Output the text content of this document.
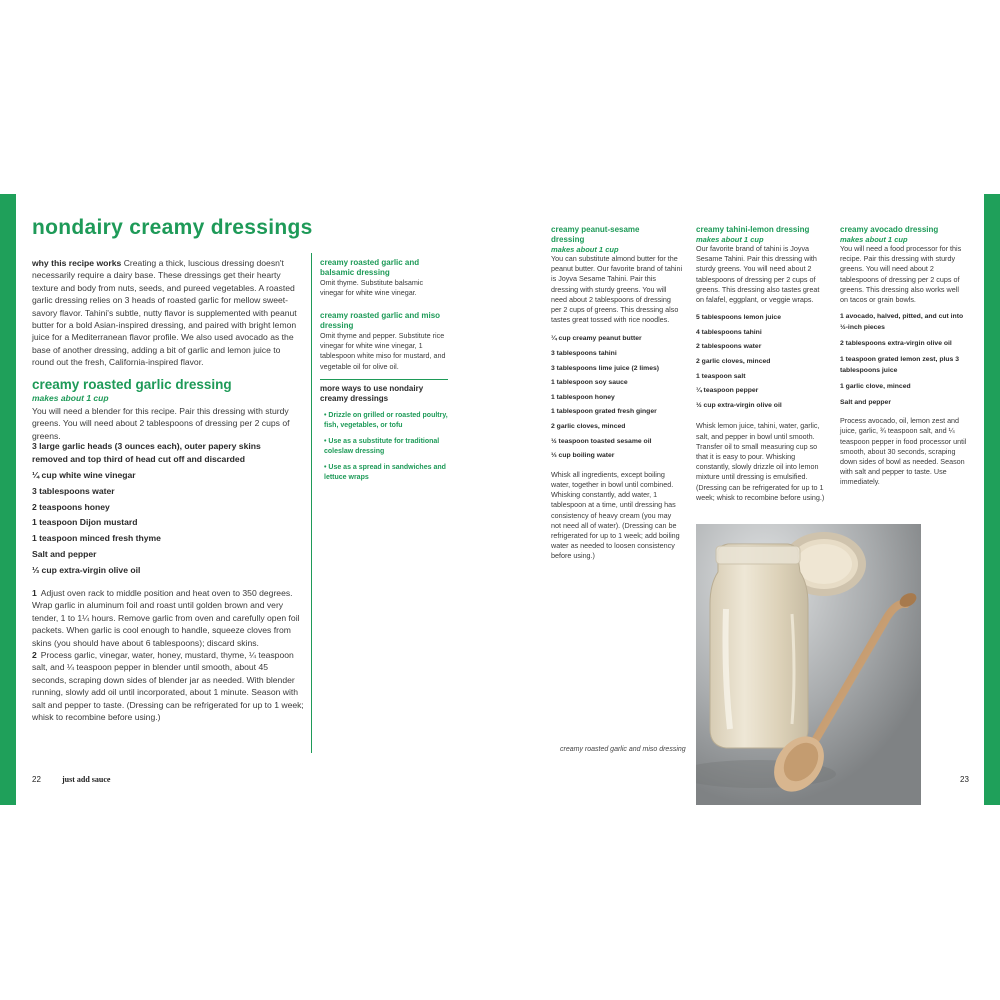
nondairy creamy dressings
why this recipe works Creating a thick, luscious dressing doesn't necessarily require a dairy base. These dressings get their hearty texture and body from nuts, seeds, and pureed vegetables. A roasted garlic dressing relies on 3 heads of roasted garlic for mellow sweet-savory flavor. Tahini's subtle, nutty flavor is supplemented with peanut butter for a bold Asian-inspired dressing, and paired with bright lemon juice for a Mediterranean flavor profile. We also used avocado as the base of another dressing, adding a bit of garlic and lemon juice to round out the fresh, California-inspired flavor.
creamy roasted garlic dressing
makes about 1 cup
You will need a blender for this recipe. Pair this dressing with sturdy greens. You will need about 2 tablespoons of dressing per 2 cups of greens.
3 large garlic heads (3 ounces each), outer papery skins removed and top third of head cut off and discarded
¼ cup white wine vinegar
3 tablespoons water
2 teaspoons honey
1 teaspoon Dijon mustard
1 teaspoon minced fresh thyme
Salt and pepper
⅓ cup extra-virgin olive oil
1 Adjust oven rack to middle position and heat oven to 350 degrees. Wrap garlic in aluminum foil and roast until golden brown and very tender, 1 to 1¼ hours. Remove garlic from oven and carefully open foil packets. When garlic is cool enough to handle, squeeze cloves from skins (you should have about 6 tablespoons); discard skins.
2 Process garlic, vinegar, water, honey, mustard, thyme, ¼ teaspoon salt, and ¼ teaspoon pepper in blender until smooth, about 45 seconds, scraping down sides of blender jar as needed. With blender running, slowly add oil until incorporated, about 1 minute. Season with salt and pepper to taste. (Dressing can be refrigerated for up to 1 week; whisk to recombine before using.)
creamy roasted garlic and balsamic dressing
Omit thyme. Substitute balsamic vinegar for white wine vinegar.
creamy roasted garlic and miso dressing
Omit thyme and pepper. Substitute rice vinegar for white wine vinegar, 1 tablespoon white miso for mustard, and vegetable oil for olive oil.
more ways to use nondairy creamy dressings
• Drizzle on grilled or roasted poultry, fish, vegetables, or tofu
• Use as a substitute for traditional coleslaw dressing
• Use as a spread in sandwiches and lettuce wraps
22	just add sauce
creamy peanut-sesame dressing
makes about 1 cup
You can substitute almond butter for the peanut butter. Our favorite brand of tahini is Joyva Sesame Tahini. Pair this dressing with sturdy greens. You will need about 2 tablespoons of dressing per 2 cups of greens. This dressing also tastes great tossed with rice noodles.
¼ cup creamy peanut butter
3 tablespoons tahini
3 tablespoons lime juice (2 limes)
1 tablespoon soy sauce
1 tablespoon honey
1 tablespoon grated fresh ginger
2 garlic cloves, minced
½ teaspoon toasted sesame oil
⅓ cup boiling water
Whisk all ingredients, except boiling water, together in bowl until combined. Whisking constantly, add water, 1 tablespoon at a time, until dressing has consistency of heavy cream (you may not need all of water). (Dressing can be refrigerated for up to 1 week; add boiling water as needed to loosen consistency before using.)
creamy tahini-lemon dressing
makes about 1 cup
Our favorite brand of tahini is Joyva Sesame Tahini. Pair this dressing with sturdy greens. You will need about 2 tablespoons of dressing per 2 cups of greens. This dressing also tastes great on falafel, eggplant, or veggie wraps.
5 tablespoons lemon juice
4 tablespoons tahini
2 tablespoons water
2 garlic cloves, minced
1 teaspoon salt
¼ teaspoon pepper
½ cup extra-virgin olive oil
Whisk lemon juice, tahini, water, garlic, salt, and pepper in bowl until smooth. Transfer oil to small measuring cup so that it is easy to pour. Whisking constantly, slowly drizzle oil into lemon mixture until dressing is emulsified. (Dressing can be refrigerated for up to 1 week; whisk to recombine before using.)
creamy avocado dressing
makes about 1 cup
You will need a food processor for this recipe. Pair this dressing with sturdy greens. You will need about 2 tablespoons of dressing per 2 cups of greens. This dressing also works well on tacos or grain bowls.
1 avocado, halved, pitted, and cut into ½-inch pieces
2 tablespoons extra-virgin olive oil
1 teaspoon grated lemon zest, plus 3 tablespoons juice
1 garlic clove, minced
Salt and pepper
Process avocado, oil, lemon zest and juice, garlic, ¾ teaspoon salt, and ¼ teaspoon pepper in food processor until smooth, about 30 seconds, scraping down sides of bowl as needed. Season with salt and pepper to taste. Use immediately.
creamy roasted garlic and miso dressing
23
